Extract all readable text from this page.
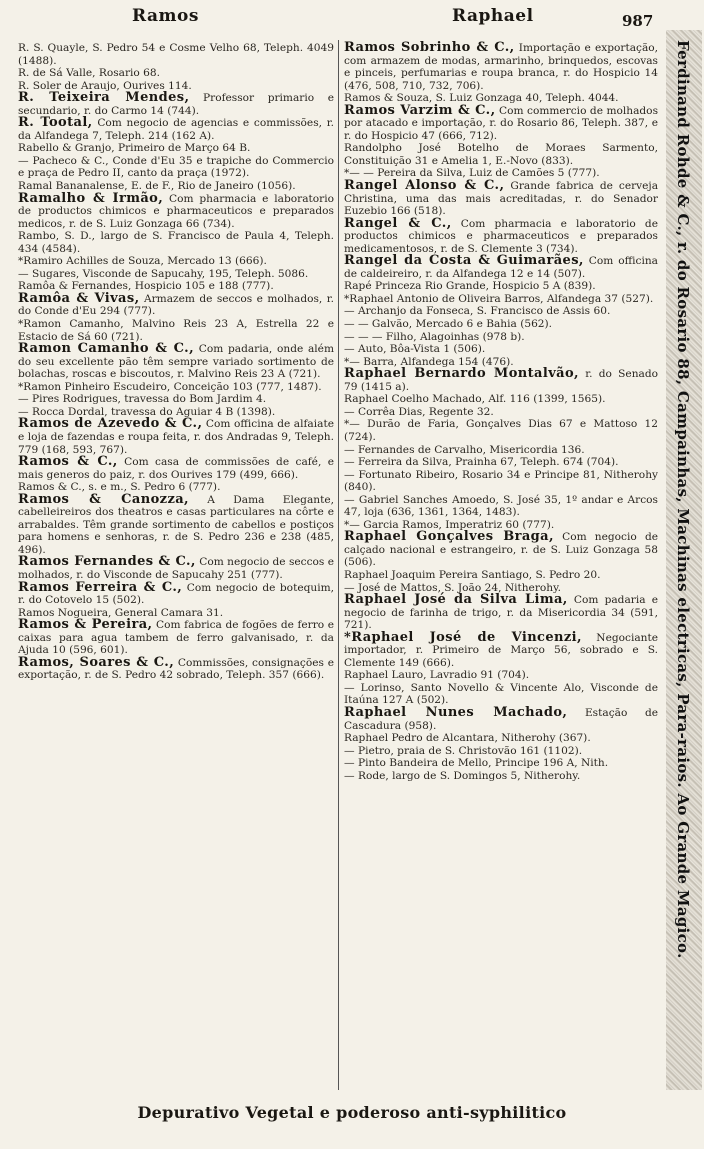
Ramos	Raphael	987

R. S. Quayle, S. Pedro 54 e Cosme Velho 68, Teleph. 4049 (1488).

R. de Sá Valle, Rosario 68.

R. Soler de Araujo, Ourives 114.

R. Teixeira Mendes, Professor primario e secundario, r. do Carmo 14 (744).

R. Tootal, Com negocio de agencias e commissões, r. da Alfandega 7, Teleph. 214 (162 A).

Rabello & Granjo, Primeiro de Março 64 B.

— Pacheco & C., Conde d'Eu 35 e trapiche do Commercio e praça de Pedro II, canto da praça (1972).

Ramal Bananalense, E. de F., Rio de Janeiro (1056).

Ramalho & Irmão, Com pharmacia e laboratorio de productos chimicos e pharmaceuticos e preparados medicos, r. de S. Luiz Gonzaga 66 (734).

Rambo, S. D., largo de S. Francisco de Paula 4, Teleph. 434 (4584).

*Ramiro Achilles de Souza, Mercado 13 (666).

— Sugares, Visconde de Sapucahy, 195, Teleph. 5086.

Ramôa & Fernandes, Hospicio 105 e 188 (777).

Ramôa & Vivas, Armazem de seccos e molhados, r. do Conde d'Eu 294 (777).

*Ramon Camanho, Malvino Reis 23 A, Estrella 22 e Estacio de Sá 60 (721).

Ramon Camanho & C., Com padaria, onde além do seu excellente pão têm sempre variado sortimento de bolachas, roscas e biscoutos, r. Malvino Reis 23 A (721).

*Ramon Pinheiro Escudeiro, Conceição 103 (777, 1487).

— Pires Rodrigues, travessa do Bom Jardim 4.

— Rocca Dordal, travessa do Aguiar 4 B (1398).

Ramos de Azevedo & C., Com officina de alfaiate e loja de fazendas e roupa feita, r. dos Andradas 9, Teleph. 779 (168, 593, 767).

Ramos & C., Com casa de commissões de café, e mais generos do paiz, r. dos Ourives 179 (499, 666).

Ramos & C., s. e m., S. Pedro 6 (777).

Ramos & Canozza, A Dama Elegante, cabelleireiros dos theatros e casas particulares na côrte e arrabaldes. Têm grande sortimento de cabellos e postiços para homens e senhoras, r. de S. Pedro 236 e 238 (485, 496).

Ramos Fernandes & C., Com negocio de seccos e molhados, r. do Visconde de Sapucahy 251 (777).

Ramos Ferreira & C., Com negocio de botequim, r. do Cotovelo 15 (502).

Ramos Nogueira, General Camara 31.

Ramos & Pereira, Com fabrica de fogões de ferro e caixas para agua tambem de ferro galvanisado, r. da Ajuda 10 (596, 601).

Ramos, Soares & C., Commissões, consignações e exportação, r. de S. Pedro 42 sobrado, Teleph. 357 (666).

Ramos Sobrinho & C., Importação e exportação, com armazem de modas, armarinho, brinquedos, escovas e pinceis, perfumarias e roupa branca, r. do Hospicio 14 (476, 508, 710, 732, 706).

Ramos & Souza, S. Luiz Gonzaga 40, Teleph. 4044.

Ramos Varzim & C., Com commercio de molhados por atacado e importação, r. do Rosario 86, Teleph. 387, e r. do Hospicio 47 (666, 712).

Randolpho José Botelho de Moraes Sarmento, Constituição 31 e Amelia 1, E.-Novo (833).

*— — Pereira da Silva, Luiz de Camões 5 (777).

Rangel Alonso & C., Grande fabrica de cerveja Christina, uma das mais acreditadas, r. do Senador Euzebio 166 (518).

Rangel & C., Com pharmacia e laboratorio de productos chimicos e pharmaceuticos e preparados medicamentosos, r. de S. Clemente 3 (734).

Rangel da Costa & Guimarães, Com officina de caldeireiro, r. da Alfandega 12 e 14 (507).

Rapé Princeza Rio Grande, Hospicio 5 A (839).

*Raphael Antonio de Oliveira Barros, Alfandega 37 (527).

— Archanjo da Fonseca, S. Francisco de Assis 60.

— — Galvão, Mercado 6 e Bahia (562).

— — — Filho, Alagoinhas (978 b).

— Auto, Bôa-Vista 1 (506).

*— Barra, Alfandega 154 (476).

Raphael Bernardo Montalvão, r. do Senado 79 (1415 a).

Raphael Coelho Machado, Alf. 116 (1399, 1565).

— Corrêa Dias, Regente 32.

*— Durão de Faria, Gonçalves Dias 67 e Mattoso 12 (724).

— Fernandes de Carvalho, Misericordia 136.

— Ferreira da Silva, Prainha 67, Teleph. 674 (704).

— Fortunato Ribeiro, Rosario 34 e Principe 81, Nitherohy (840).

— Gabriel Sanches Amoedo, S. José 35, 1º andar e Arcos 47, loja (636, 1361, 1364, 1483).

*— Garcia Ramos, Imperatriz 60 (777).

Raphael Gonçalves Braga, Com negocio de calçado nacional e estrangeiro, r. de S. Luiz Gonzaga 58 (506).

Raphael Joaquim Pereira Santiago, S. Pedro 20.

— José de Mattos, S. João 24, Nitherohy.

Raphael José da Silva Lima, Com padaria e negocio de farinha de trigo, r. da Misericordia 34 (591, 721).

*Raphael José de Vincenzi, Negociante importador, r. Primeiro de Março 56, sobrado e S. Clemente 149 (666).

Raphael Lauro, Lavradio 91 (704).

— Lorinso, Santo Novello & Vincente Alo, Visconde de Itaúna 127 A (502).

Raphael Nunes Machado, Estação de Cascadura (958).

Raphael Pedro de Alcantara, Nitherohy (367).

— Pietro, praia de S. Christovão 161 (1102).

— Pinto Bandeira de Mello, Principe 196 A, Nith.

— Rode, largo de S. Domingos 5, Nitherohy.	Ferdinand Rohde & C., r. do Rosario 88, Campainhas, Machinas electricas, Para-raios. Ao Grande Magico.
Depurativo Vegetal e poderoso anti-syphilitico
